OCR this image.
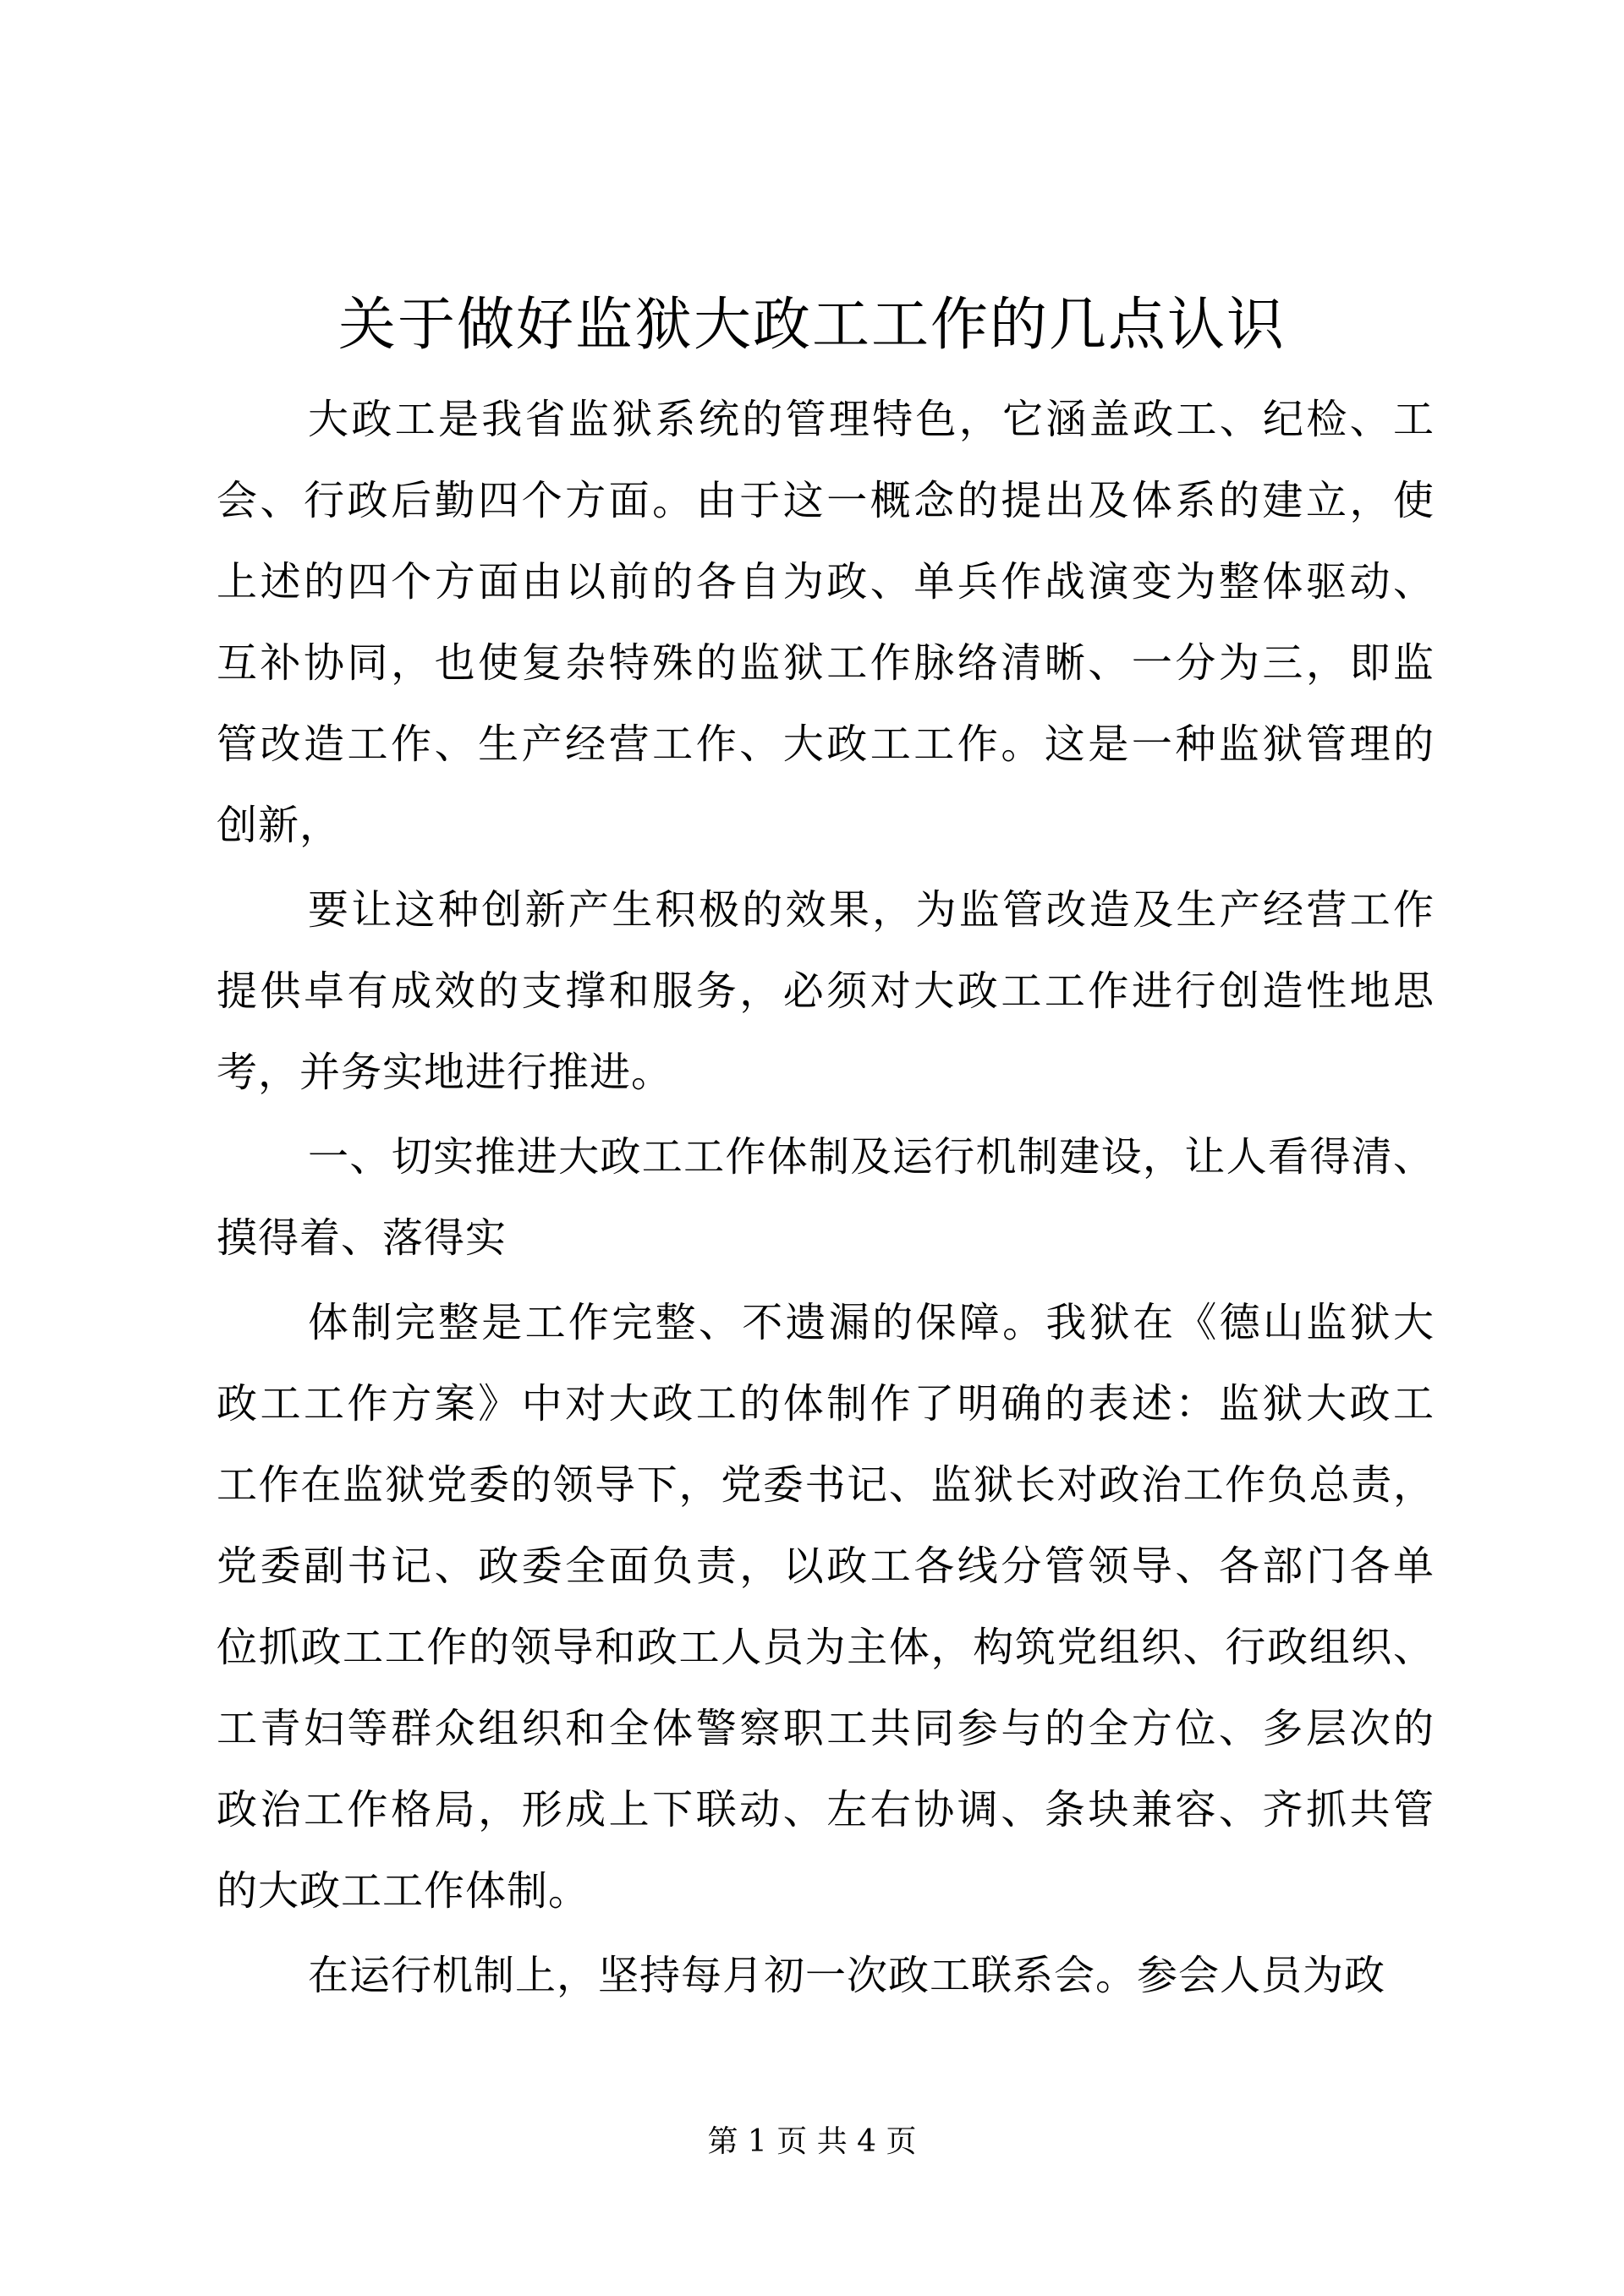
关于做好监狱大政工工作的几点认识
大政工是我省监狱系统的管理特色，它涵盖政工、纪检、工
会、行政后勤四个方面。由于这一概念的提出及体系的建立，使
上述的四个方面由以前的各自为政、单兵作战演变为整体驱动、
互补协同，也使复杂特殊的监狱工作脉络清晰、一分为三，即监
管改造工作、生产经营工作、大政工工作。这是一种监狱管理的
创新，
要让这种创新产生积极的效果，为监管改造及生产经营工作
提供卓有成效的支撑和服务，必须对大政工工作进行创造性地思
考，并务实地进行推进。
一、切实推进大政工工作体制及运行机制建设，让人看得清、
摸得着、落得实
体制完整是工作完整、不遗漏的保障。我狱在《德山监狱大
政工工作方案》中对大政工的体制作了明确的表述：监狱大政工
工作在监狱党委的领导下，党委书记、监狱长对政治工作负总责，
党委副书记、政委全面负责，以政工各线分管领导、各部门各单
位抓政工工作的领导和政工人员为主体，构筑党组织、行政组织、
工青妇等群众组织和全体警察职工共同参与的全方位、多层次的
政治工作格局，形成上下联动、左右协调、条块兼容、齐抓共管
的大政工工作体制。
在运行机制上，坚持每月初一次政工联系会。参会人员为政
第 1 页 共 4 页
